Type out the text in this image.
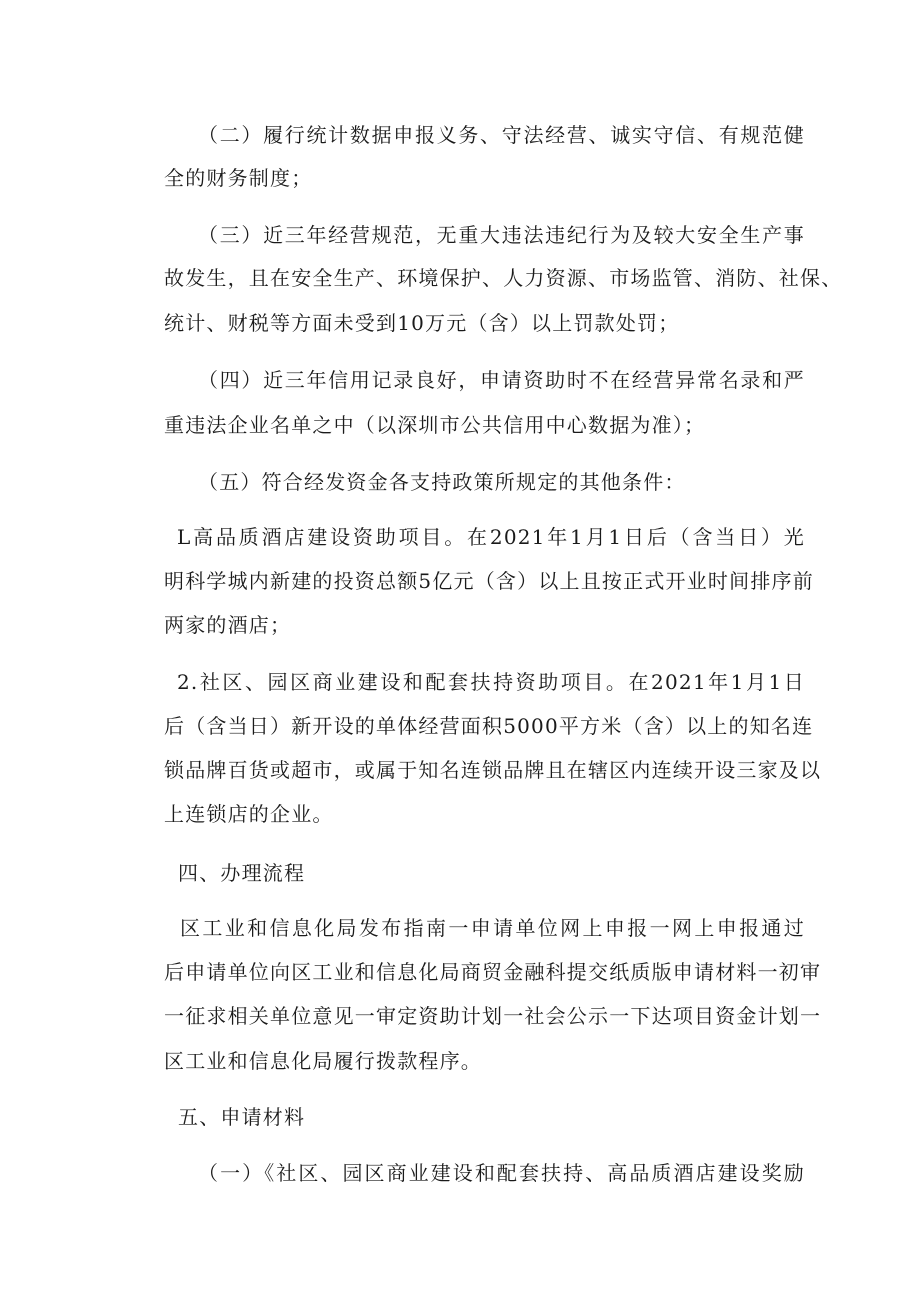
（二）履行统计数据申报义务、守法经营、诚实守信、有规范健
全的财务制度；
（三）近三年经营规范，无重大违法违纪行为及较大安全生产事
故发生，且在安全生产、环境保护、人力资源、市场监管、消防、社保、
统计、财税等方面未受到10万元（含）以上罚款处罚；
（四）近三年信用记录良好，申请资助时不在经营异常名录和严
重违法企业名单之中（以深圳市公共信用中心数据为准）；
（五）符合经发资金各支持政策所规定的其他条件：
L高品质酒店建设资助项目。在2021年1月1日后（含当日）光
明科学城内新建的投资总额5亿元（含）以上且按正式开业时间排序前
两家的酒店；
2.社区、园区商业建设和配套扶持资助项目。在2021年1月1日
后（含当日）新开设的单体经营面积5000平方米（含）以上的知名连
锁品牌百货或超市，或属于知名连锁品牌且在辖区内连续开设三家及以
上连锁店的企业。
四、办理流程
区工业和信息化局发布指南一申请单位网上申报一网上申报通过
后申请单位向区工业和信息化局商贸金融科提交纸质版申请材料一初审
一征求相关单位意见一审定资助计划一社会公示一下达项目资金计划一
区工业和信息化局履行拨款程序。
五、申请材料
（一）《社区、园区商业建设和配套扶持、高品质酒店建设奖励
